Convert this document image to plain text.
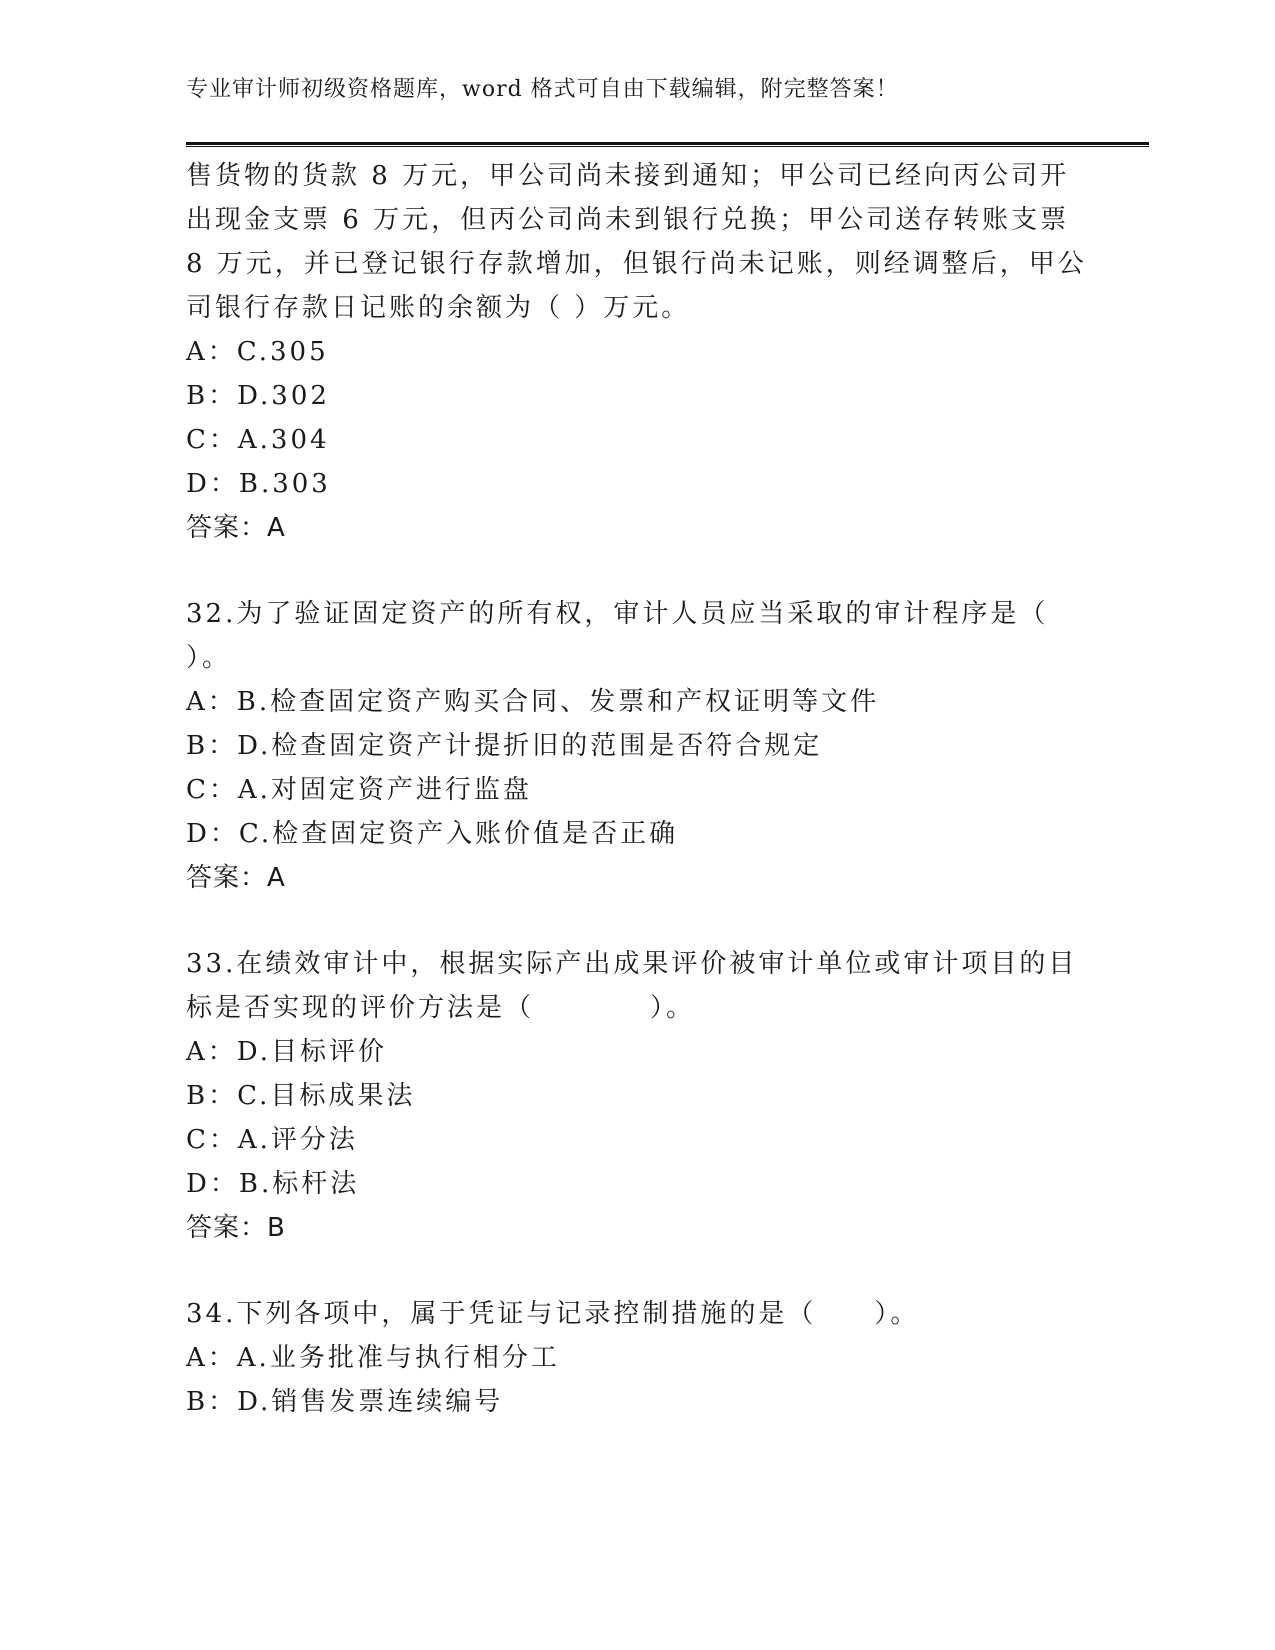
专业审计师初级资格题库，word 格式可自由下载编辑，附完整答案！
售货物的货款 8 万元，甲公司尚未接到通知；甲公司已经向丙公司开
出现金支票 6 万元，但丙公司尚未到银行兑换；甲公司送存转账支票
8 万元，并已登记银行存款增加，但银行尚未记账，则经调整后，甲公
司银行存款日记账的余额为（ ）万元。
A：C.305
B：D.302
C：A.304
D：B.303
答案：A
32.为了验证固定资产的所有权，审计人员应当采取的审计程序是（
）。
A：B.检查固定资产购买合同、发票和产权证明等文件
B：D.检查固定资产计提折旧的范围是否符合规定
C：A.对固定资产进行监盘
D：C.检查固定资产入账价值是否正确
答案：A
33.在绩效审计中，根据实际产出成果评价被审计单位或审计项目的目
标是否实现的评价方法是（　　　　）。
A：D.目标评价
B：C.目标成果法
C：A.评分法
D：B.标杆法
答案：B
34.下列各项中，属于凭证与记录控制措施的是（　　）。
A：A.业务批准与执行相分工
B：D.销售发票连续编号
